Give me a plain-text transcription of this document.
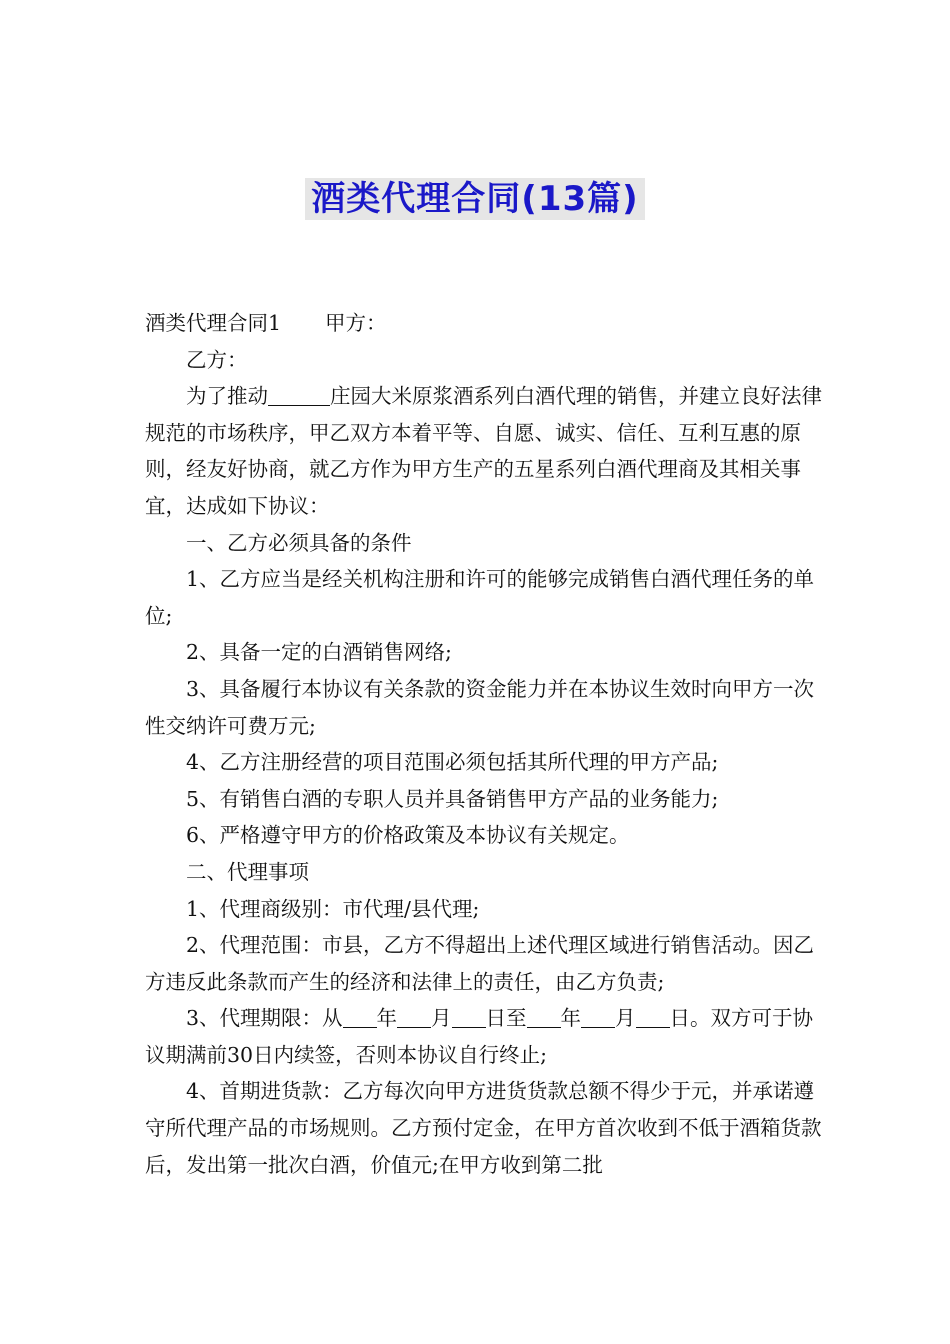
酒类代理合同(13篇)

酒类代理合同1 甲方：

乙方：

为了推动	庄园大米原浆酒系列白酒代理的销售，并建立良好法律规范的市场秩序，甲乙双方本着平等、自愿、诚实、信任、互利互惠的原则，经友好协商，就乙方作为甲方生产的五星系列白酒代理商及其相关事宜，达成如下协议：

一、乙方必须具备的条件

1、乙方应当是经关机构注册和许可的能够完成销售白酒代理任务的单位;

2、具备一定的白酒销售网络;

3、具备履行本协议有关条款的资金能力并在本协议生效时向甲方一次性交纳许可费万元;

4、乙方注册经营的项目范围必须包括其所代理的甲方产品;

5、有销售白酒的专职人员并具备销售甲方产品的业务能力;

6、严格遵守甲方的价格政策及本协议有关规定。

二、代理事项

1、代理商级别：市代理/县代理;

2、代理范围：市县，乙方不得超出上述代理区域进行销售活动。因乙方违反此条款而产生的经济和法律上的责任，由乙方负责;

3、代理期限：从 年 月 日至 年 月 日。双方可于协议期满前30日内续签，否则本协议自行终止;

4、首期进货款：乙方每次向甲方进货货款总额不得少于元，并承诺遵守所代理产品的市场规则。乙方预付定金，在甲方首次收到不低于酒箱货款后，发出第一批次白酒，价值元;在甲方收到第二批
